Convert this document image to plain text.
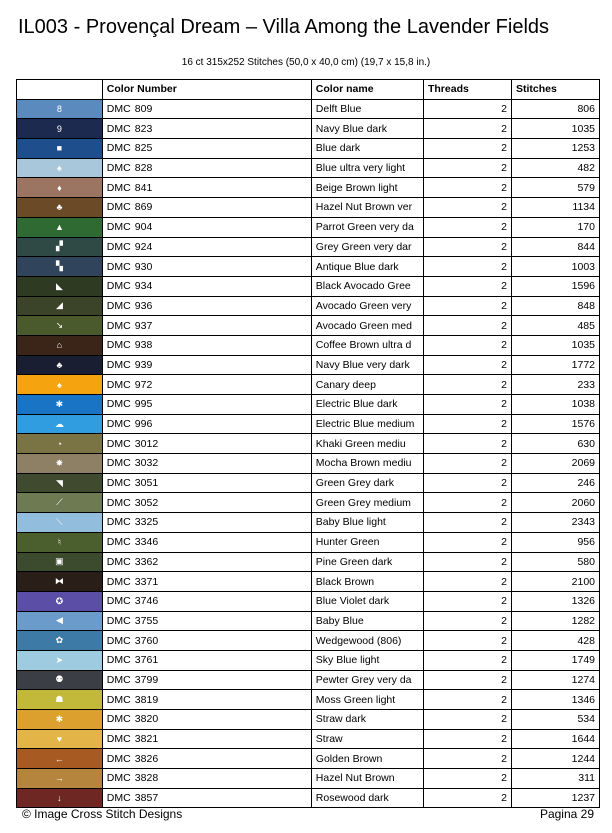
IL003 - Provençal Dream – Villa Among the Lavender Fields
16 ct 315x252 Stitches (50,0 x 40,0 cm) (19,7 x 15,8 in.)
	Color Number	Color name	Threads	Stitches
8	DMC 809	Delft Blue	2	806
9	DMC 823	Navy Blue dark	2	1035
■	DMC 825	Blue dark	2	1253
♠	DMC 828	Blue ultra very light	2	482
♦	DMC 841	Beige Brown light	2	579
♣	DMC 869	Hazel Nut Brown ver	2	1134
▲	DMC 904	Parrot Green very da	2	170
▞	DMC 924	Grey Green very dar	2	844
▚	DMC 930	Antique Blue dark	2	1003
◣	DMC 934	Black Avocado Gree	2	1596
◢	DMC 936	Avocado Green very	2	848
↘	DMC 937	Avocado Green med	2	485
⌂	DMC 938	Coffee Brown ultra d	2	1035
♣	DMC 939	Navy Blue very dark	2	1772
♠	DMC 972	Canary deep	2	233
✱	DMC 995	Electric Blue dark	2	1038
☁	DMC 996	Electric Blue medium	2	1576
◔	DMC 3012	Khaki Green mediu	2	630
✸	DMC 3032	Mocha Brown mediu	2	2069
◥	DMC 3051	Green Grey dark	2	246
⟋	DMC 3052	Green Grey medium	2	2060
⟍	DMC 3325	Baby Blue light	2	2343
♮	DMC 3346	Hunter Green	2	956
▣	DMC 3362	Pine Green dark	2	580
⧓	DMC 3371	Black Brown	2	2100
✪	DMC 3746	Blue Violet dark	2	1326
◀	DMC 3755	Baby Blue	2	1282
✿	DMC 3760	Wedgewood (806)	2	428
➤	DMC 3761	Sky Blue light	2	1749
⚉	DMC 3799	Pewter Grey very da	2	1274
☗	DMC 3819	Moss Green light	2	1346
✱	DMC 3820	Straw dark	2	534
♥	DMC 3821	Straw	2	1644
←	DMC 3826	Golden Brown	2	1244
→	DMC 3828	Hazel Nut Brown	2	311
↓	DMC 3857	Rosewood dark	2	1237
© Image Cross Stitch Designs	Pagina 29
